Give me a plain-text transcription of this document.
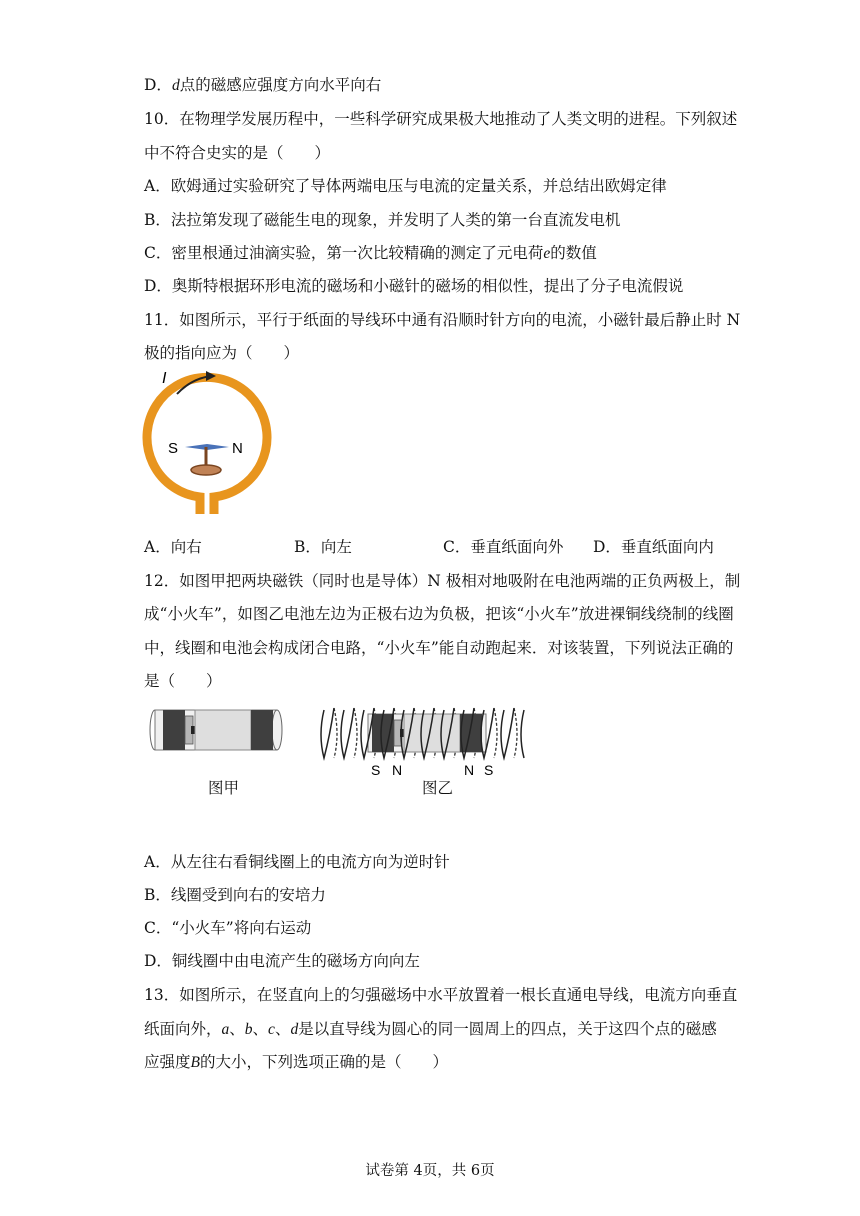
D．d点的磁感应强度方向水平向右
10．在物理学发展历程中，一些科学研究成果极大地推动了人类文明的进程。下列叙述
中不符合史实的是（　　）
A．欧姆通过实验研究了导体两端电压与电流的定量关系，并总结出欧姆定律
B．法拉第发现了磁能生电的现象，并发明了人类的第一台直流发电机
C．密里根通过油滴实验，第一次比较精确的测定了元电荷e的数值
D．奥斯特根据环形电流的磁场和小磁针的磁场的相似性，提出了分子电流假说
11．如图所示，平行于纸面的导线环中通有沿顺时针方向的电流，小磁针最后静止时 N
极的指向应为（　　）
I
S	N
A．向右	B．向左	C．垂直纸面向外 D．垂直纸面向内
12．如图甲把两块磁铁（同时也是导体）N 极相对地吸附在电池两端的正负两极上，制
成“小火车”，如图乙电池左边为正极右边为负极，把该“小火车”放进裸铜线绕制的线圈
中，线圈和电池会构成闭合电路，“小火车”能自动跑起来．对该装置，下列说法正确的
是（　　）
图甲
S N	N S
图乙
A．从左往右看铜线圈上的电流方向为逆时针
B．线圈受到向右的安培力
C．“小火车”将向右运动
D．铜线圈中由电流产生的磁场方向向左
13．如图所示，在竖直向上的匀强磁场中水平放置着一根长直通电导线，电流方向垂直
纸面向外，a、b、c、d是以直导线为圆心的同一圆周上的四点，关于这四个点的磁感
应强度B的大小，下列选项正确的是（　　）
试卷第 4页，共 6页
